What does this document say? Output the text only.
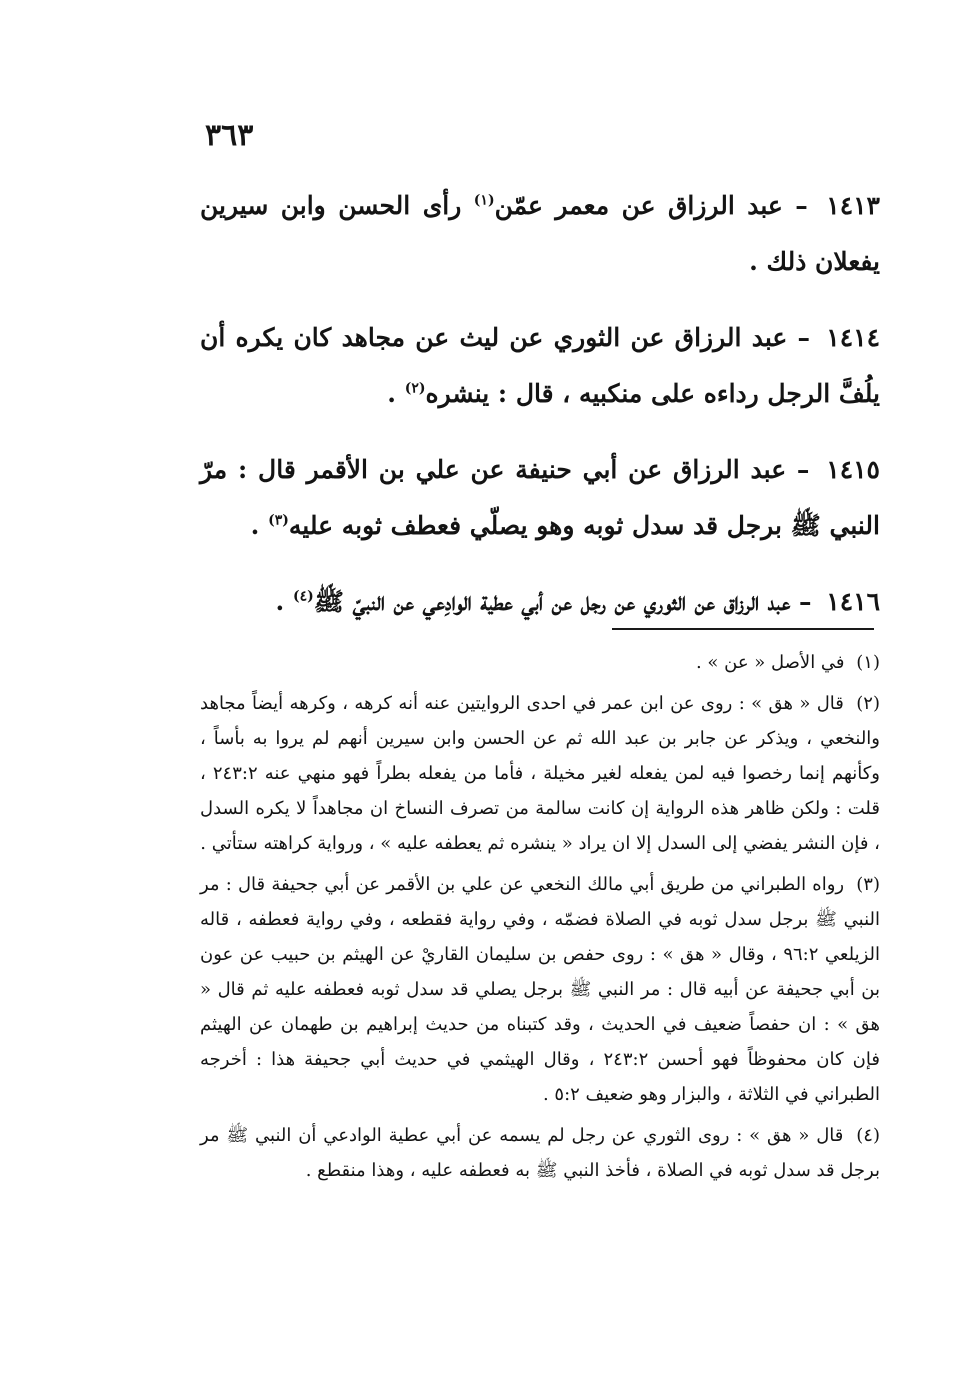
٣٦٣

١٤١٣ – عبد الرزاق عن معمر عمّن$^{(١)}$ رأى الحسن وابن سيرين يفعلان ذلك .

١٤١٤ – عبد الرزاق عن الثوري عن ليث عن مجاهد كان يكره أن يلُفَّ الرجل رداءه على منكبيه ، قال : ينشره$^{(٢)}$ .

١٤١٥ – عبد الرزاق عن أبي حنيفة عن علي بن الأقمر قال : مرّ النبي ﷺ برجل قد سدل ثوبه وهو يصلّي فعطف ثوبه عليه$^{(٣)}$ .

١٤١٦ – عبد الرزاق عن الثوري عن رجل عن أبي عطية الوادِعي عن النبيّ ﷺ$^{(٤)}$ .

(١) في الأصل « عن » .

(٢) قال « هق » : روى عن ابن عمر في احدى الروايتين عنه أنه كرهه ، وكرهه أيضاً مجاهد والنخعي ، ويذكر عن جابر بن عبد الله ثم عن الحسن وابن سيرين أنهم لم يروا به بأساً ، وكأنهم إنما رخصوا فيه لمن يفعله لغير مخيلة ، فأما من يفعله بطراً فهو منهي عنه ٢٤٣:٢ ، قلت : ولكن ظاهر هذه الرواية إن كانت سالمة من تصرف النساخ ان مجاهداً لا يكره السدل ، فإن النشر يفضي إلى السدل إلا ان يراد « ينشره ثم يعطفه عليه » ، ورواية كراهته ستأتي .

(٣) رواه الطبراني من طريق أبي مالك النخعي عن علي بن الأقمر عن أبي جحيفة قال : مر النبي ﷺ برجل سدل ثوبه في الصلاة فضمّه ، وفي رواية فقطعه ، وفي رواية فعطفه ، قاله الزيلعي ٩٦:٢ ، وقال « هق » : روى حفص بن سليمان القاريْ عن الهيثم بن حبيب عن عون بن أبي جحيفة عن أبيه قال : مر النبي ﷺ برجل يصلي قد سدل ثوبه فعطفه عليه ثم قال « هق » : ان حفصاً ضعيف في الحديث ، وقد كتبناه من حديث إبراهيم بن طهمان عن الهيثم فإن كان محفوظاً فهو أحسن ٢٤٣:٢ ، وقال الهيثمي في حديث أبي جحيفة هذا : أخرجه الطبراني في الثلاثة ، والبزار وهو ضعيف ٥:٢ .

(٤) قال « هق » : روى الثوري عن رجل لم يسمه عن أبي عطية الوادعي أن النبي ﷺ مر برجل قد سدل ثوبه في الصلاة ، فأخذ النبي ﷺ به فعطفه عليه ، وهذا منقطع .
